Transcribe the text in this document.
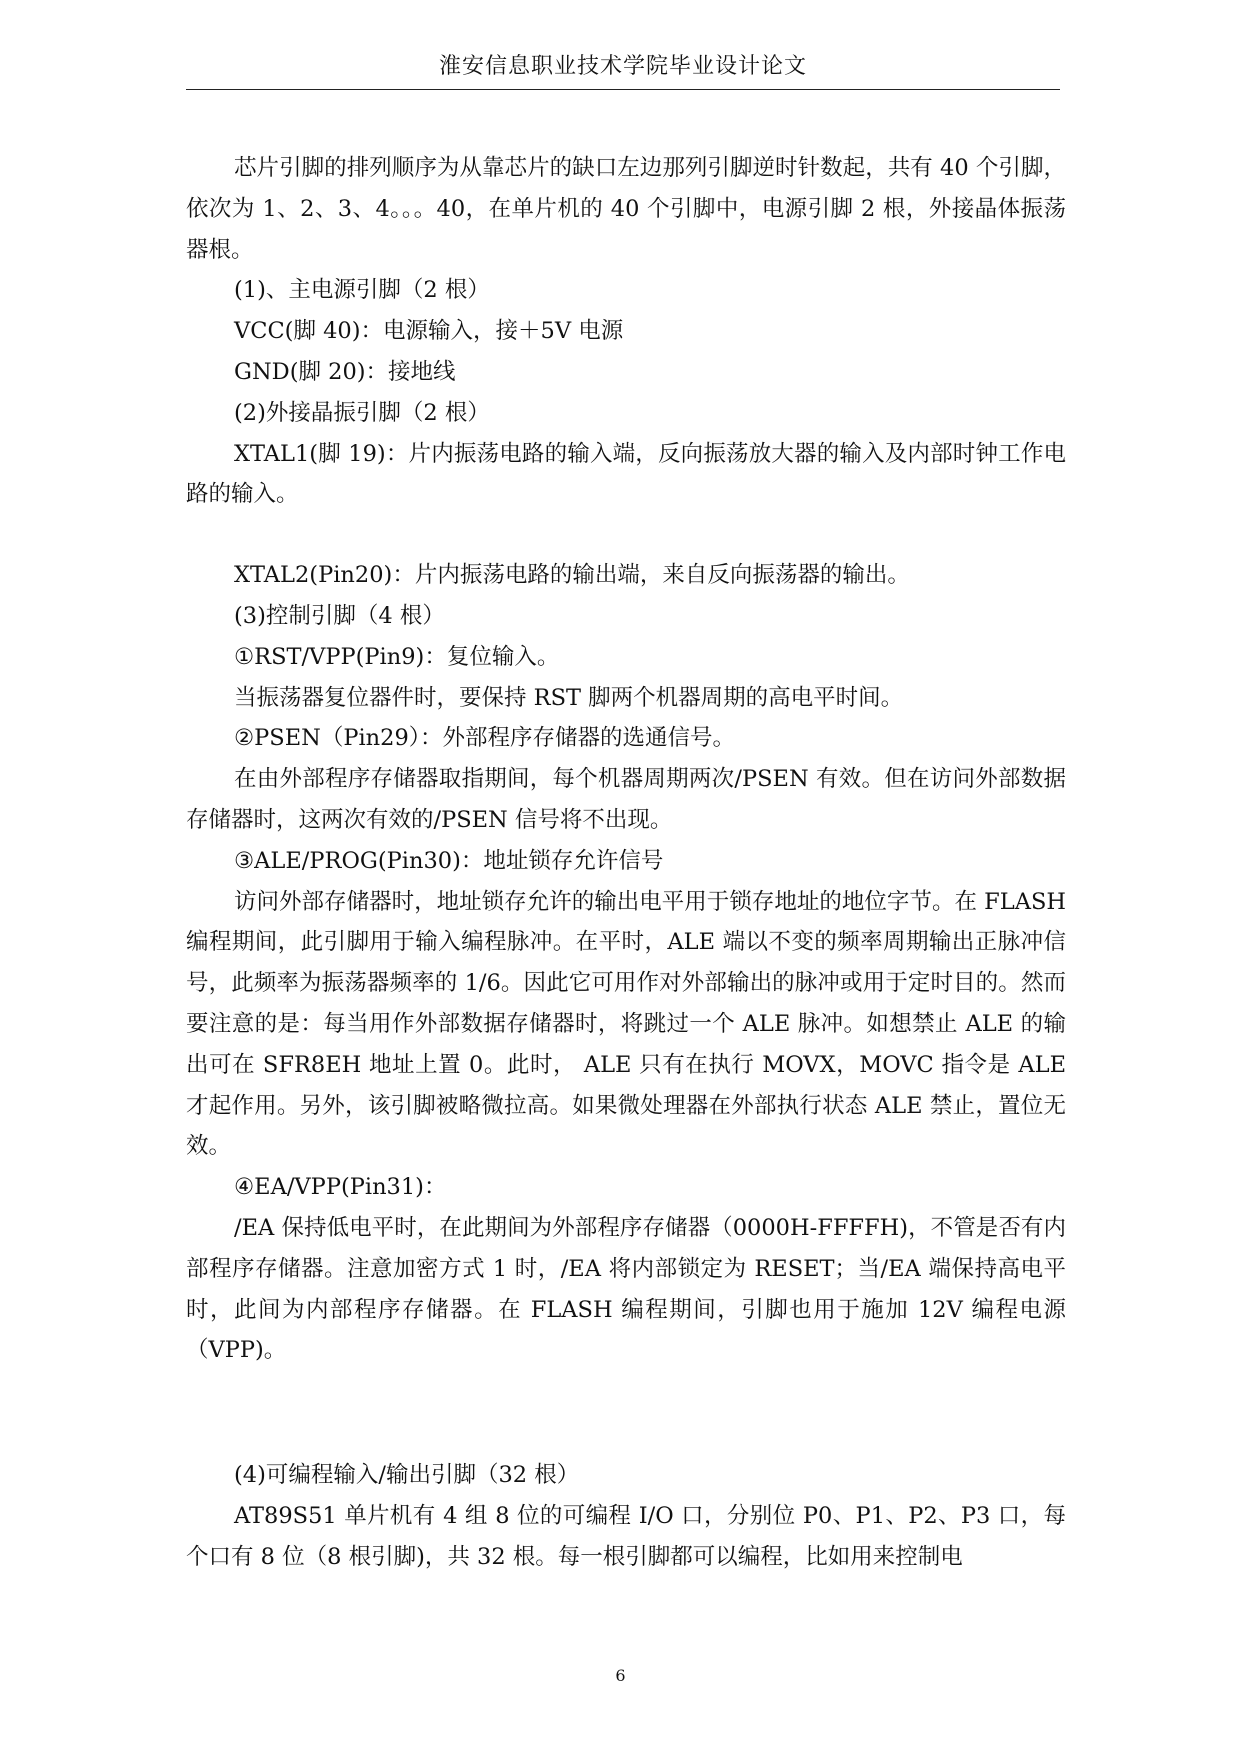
淮安信息职业技术学院毕业设计论文

芯片引脚的排列顺序为从靠芯片的缺口左边那列引脚逆时针数起，共有 40 个引脚，依次为 1、2、3、4。。。40，在单片机的 40 个引脚中，电源引脚 2 根，外接晶体振荡器根。

(1)、主电源引脚（2 根）

VCC(脚 40)：电源输入，接＋5V 电源

GND(脚 20)：接地线

(2)外接晶振引脚（2 根）

XTAL1(脚 19)：片内振荡电路的输入端，反向振荡放大器的输入及内部时钟工作电路的输入。

XTAL2(Pin20)：片内振荡电路的输出端，来自反向振荡器的输出。

(3)控制引脚（4 根）

①RST/VPP(Pin9)：复位输入。

当振荡器复位器件时，要保持 RST 脚两个机器周期的高电平时间。

②PSEN（Pin29）：外部程序存储器的选通信号。

在由外部程序存储器取指期间，每个机器周期两次/PSEN 有效。但在访问外部数据存储器时，这两次有效的/PSEN 信号将不出现。

③ALE/PROG(Pin30)：地址锁存允许信号

访问外部存储器时，地址锁存允许的输出电平用于锁存地址的地位字节。在 FLASH 编程期间，此引脚用于输入编程脉冲。在平时，ALE 端以不变的频率周期输出正脉冲信号，此频率为振荡器频率的 1/6。因此它可用作对外部输出的脉冲或用于定时目的。然而要注意的是：每当用作外部数据存储器时，将跳过一个 ALE 脉冲。如想禁止 ALE 的输出可在 SFR8EH 地址上置 0。此时， ALE 只有在执行 MOVX，MOVC 指令是 ALE 才起作用。另外，该引脚被略微拉高。如果微处理器在外部执行状态 ALE 禁止，置位无效。

④EA/VPP(Pin31)：

/EA 保持低电平时，在此期间为外部程序存储器（0000H-FFFFH)，不管是否有内部程序存储器。注意加密方式 1 时，/EA 将内部锁定为 RESET；当/EA 端保持高电平时，此间为内部程序存储器。在 FLASH 编程期间，引脚也用于施加 12V 编程电源（VPP)。

(4)可编程输入/输出引脚（32 根）

AT89S51 单片机有 4 组 8 位的可编程 I/O 口，分别位 P0、P1、P2、P3 口，每个口有 8 位（8 根引脚)，共 32 根。每一根引脚都可以编程，比如用来控制电

6
